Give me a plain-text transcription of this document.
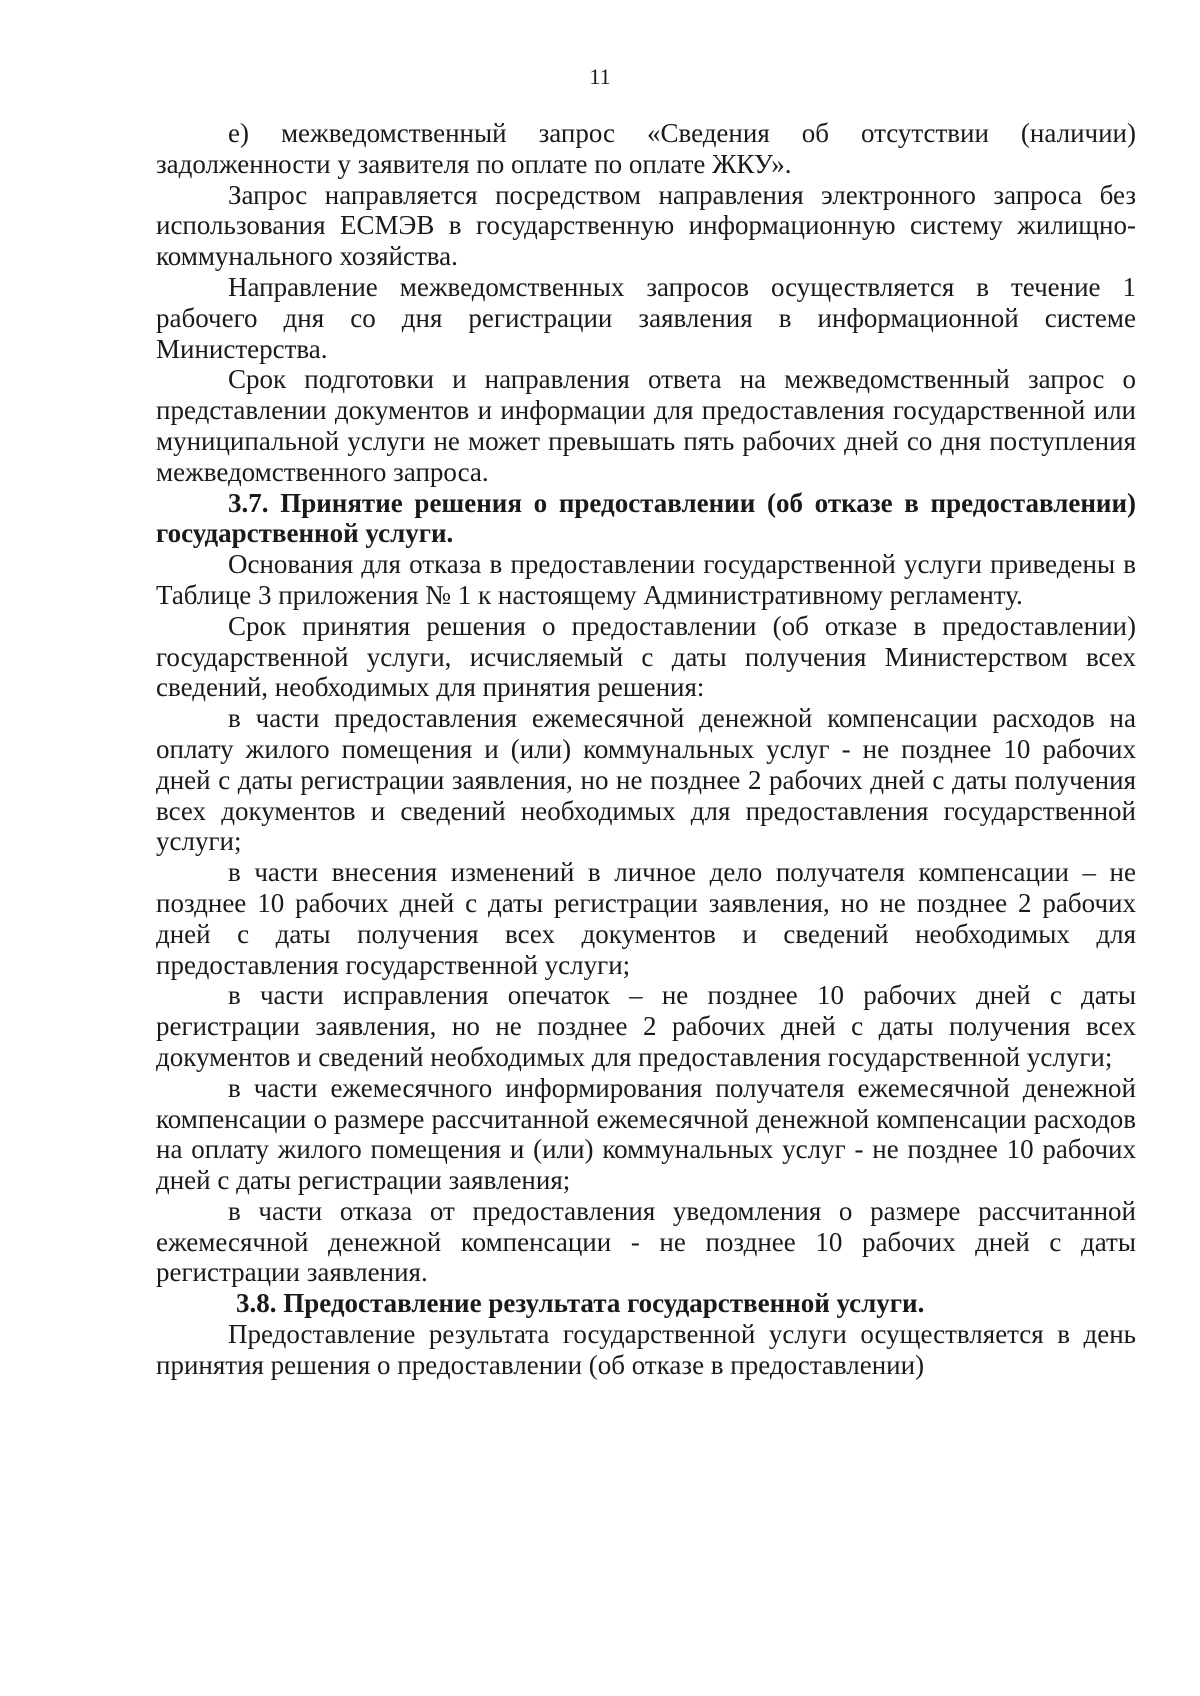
11

е) межведомственный запрос «Сведения об отсутствии (наличии) задолженности у заявителя по оплате по оплате ЖКУ».

Запрос направляется посредством направления электронного запроса без использования ЕСМЭВ в государственную информационную систему жилищно-коммунального хозяйства.

Направление межведомственных запросов осуществляется в течение 1 рабочего дня со дня регистрации заявления в информационной системе Министерства.

Срок подготовки и направления ответа на межведомственный запрос о представлении документов и информации для предоставления государственной или муниципальной услуги не может превышать пять рабочих дней со дня поступления межведомственного запроса.

3.7. Принятие решения о предоставлении (об отказе в предоставлении) государственной услуги.

Основания для отказа в предоставлении государственной услуги приведены в Таблице 3 приложения № 1 к настоящему Административному регламенту.

Срок принятия решения о предоставлении (об отказе в предоставлении) государственной услуги, исчисляемый с даты получения Министерством всех сведений, необходимых для принятия решения:

в части предоставления ежемесячной денежной компенсации расходов на оплату жилого помещения и (или) коммунальных услуг - не позднее 10 рабочих дней с даты регистрации заявления, но не позднее 2 рабочих дней с даты получения всех документов и сведений необходимых для предоставления государственной услуги;

в части внесения изменений в личное дело получателя компенсации – не позднее 10 рабочих дней с даты регистрации заявления, но не позднее 2 рабочих дней с даты получения всех документов и сведений необходимых для предоставления государственной услуги;

в части исправления опечаток – не позднее 10 рабочих дней с даты регистрации заявления, но не позднее 2 рабочих дней с даты получения всех документов и сведений необходимых для предоставления государственной услуги;

в части ежемесячного информирования получателя ежемесячной денежной компенсации о размере рассчитанной ежемесячной денежной компенсации расходов на оплату жилого помещения и (или) коммунальных услуг - не позднее 10 рабочих дней с даты регистрации заявления;

в части отказа от предоставления уведомления о размере рассчитанной ежемесячной денежной компенсации - не позднее 10 рабочих дней с даты регистрации заявления.

3.8. Предоставление результата государственной услуги.

Предоставление результата государственной услуги осуществляется в день принятия решения о предоставлении (об отказе в предоставлении)
